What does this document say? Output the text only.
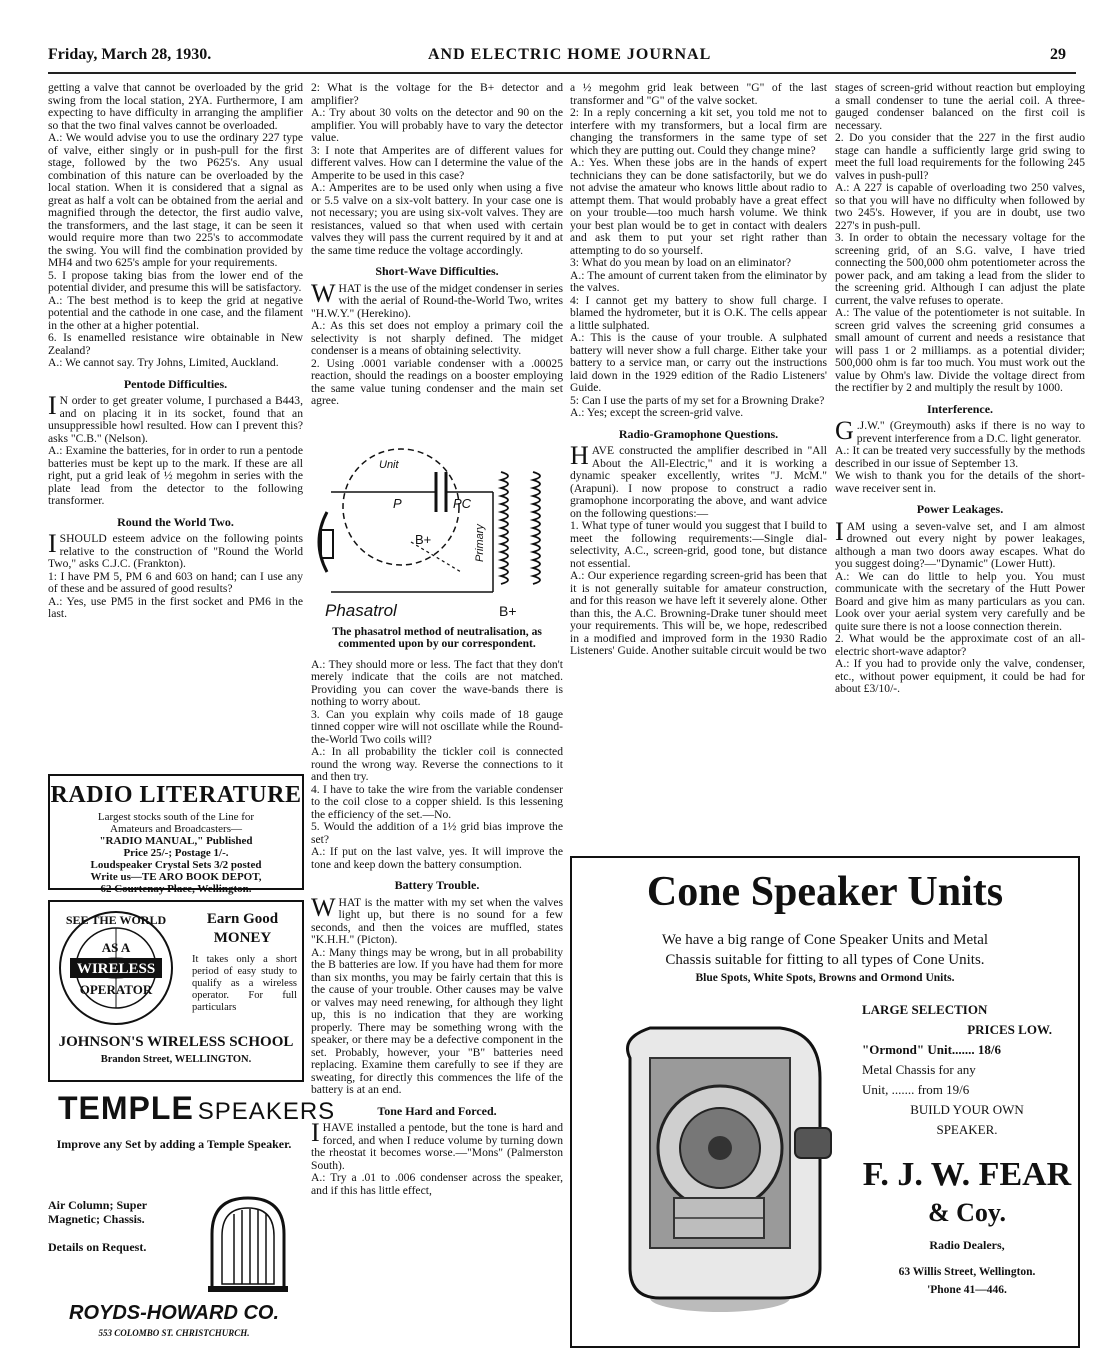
Friday, March 28, 1930.	AND ELECTRIC HOME JOURNAL	29

getting a valve that cannot be overloaded by the grid swing from the local station, 2YA. Furthermore, I am expecting to have difficulty in arranging the amplifier so that the two final valves cannot be overloaded.

A.: We would advise you to use the ordinary 227 type of valve, either singly or in push-pull for the first stage, followed by the two P625's. Any usual combination of this nature can be overloaded by the local station. When it is considered that a signal as great as half a volt can be obtained from the aerial and magnified through the detector, the first audio valve, the transformers, and the last stage, it can be seen it would require more than two 225's to accommodate the swing. You will find the combination provided by MH4 and two 625's ample for your requirements.

5. I propose taking bias from the lower end of the potential divider, and presume this will be satisfactory.

A.: The best method is to keep the grid at negative potential and the cathode in one case, and the filament in the other at a higher potential.

6. Is enamelled resistance wire obtainable in New Zealand?

A.: We cannot say. Try Johns, Limited, Auckland.

Pentode Difficulties.

I N order to get greater volume, I purchased a B443, and on placing it in its socket, found that an unsuppressible howl resulted. How can I prevent this? asks "C.B." (Nelson).

A.: Examine the batteries, for in order to run a pentode batteries must be kept up to the mark. If these are all right, put a grid leak of ½ megohm in series with the plate lead from the detector to the following transformer.

Round the World Two.

ISHOULD esteem advice on the following points relative to the construction of "Round the World Two," asks C.J.C. (Frankton).

1: I have PM 5, PM 6 and 603 on hand; can I use any of these and be assured of good results?

A.: Yes, use PM5 in the first socket and PM6 in the last.

RADIO LITERATURE
Largest stocks south of the Line for
Amateurs and Broadcasters—
"RADIO MANUAL," Published
Price 25/-; Postage 1/-.
Loudspeaker Crystal Sets 3/2 posted
Write us—TE ARO BOOK DEPOT,
62 Courtenay Place, Wellington.
SEE THE WORLD
AS A
WIRELESS
OPERATOR
Earn Good
MONEY
It takes only a short period of easy study to qualify as a wireless operator. For full particulars
JOHNSON'S WIRELESS SCHOOL
Brandon Street, WELLINGTON.
TEMPLE SPEAKERS
Improve any Set by adding a Temple Speaker.
Air Column; Super
Magnetic; Chassis.
Details on Request.
ROYDS-HOWARD CO.
553 COLOMBO ST. CHRISTCHURCH.

2: What is the voltage for the B+ detector and amplifier?

A.: Try about 30 volts on the detector and 90 on the amplifier. You will probably have to vary the detector value.

3: I note that Amperites are of different values for different valves. How can I determine the value of the Amperite to be used in this case?

A.: Amperites are to be used only when using a five or 5.5 valve on a six-volt battery. In your case one is not necessary; you are using six-volt valves. They are resistances, valued so that when used with certain valves they will pass the current required by it and at the same time reduce the voltage accordingly.

Short-Wave Difficulties.

WHAT is the use of the midget condenser in series with the aerial of Round-the-World Two, writes "H.W.Y." (Herekino).

A.: As this set does not employ a primary coil the selectivity is not sharply defined. The midget condenser is a means of obtaining selectivity.

2. Using .0001 variable condenser with a .00025 reaction, should the readings on a booster employing the same value tuning condenser and the main set agree.

Unit
P	PC
B+	Primary
Phasatrol	B+
The phasatrol method of neutralisation, as commented upon by our correspondent.

A.: They should more or less. The fact that they don't merely indicate that the coils are not matched. Providing you can cover the wave-bands there is nothing to worry about.

3. Can you explain why coils made of 18 gauge tinned copper wire will not oscillate while the Round-the-World Two coils will?

A.: In all probability the tickler coil is connected round the wrong way. Reverse the connections to it and then try.

4. I have to take the wire from the variable condenser to the coil close to a copper shield. Is this lessening the efficiency of the set.—No.

5. Would the addition of a 1½ grid bias improve the set?

A.: If put on the last valve, yes. It will improve the tone and keep down the battery consumption.

Battery Trouble.

WHAT is the matter with my set when the valves light up, but there is no sound for a few seconds, and then the voices are muffled, states "K.H.H." (Picton).

A.: Many things may be wrong, but in all probability the B batteries are low. If you have had them for more than six months, you may be fairly certain that this is the cause of your trouble. Other causes may be valve or valves may need renewing, for although they light up, this is no indication that they are working properly. There may be something wrong with the speaker, or there may be a defective component in the set. Probably, however, your "B" batteries need replacing. Examine them carefully to see if they are sweating, for directly this commences the life of the battery is at an end.

Tone Hard and Forced.

IHAVE installed a pentode, but the tone is hard and forced, and when I reduce volume by turning down the rheostat it becomes worse.—"Mons" (Palmerston South).

A.: Try a .01 to .006 condenser across the speaker, and if this has little effect,

a ½ megohm grid leak between "G" of the last transformer and "G" of the valve socket.

2: In a reply concerning a kit set, you told me not to interfere with my transformers, but a local firm are changing the transformers in the same type of set which they are putting out. Could they change mine?

A.: Yes. When these jobs are in the hands of expert technicians they can be done satisfactorily, but we do not advise the amateur who knows little about radio to attempt them. That would probably have a great effect on your trouble—too much harsh volume. We think your best plan would be to get in contact with dealers and ask them to put your set right rather than attempting to do so yourself.

3: What do you mean by load on an eliminator?

A.: The amount of current taken from the eliminator by the valves.

4: I cannot get my battery to show full charge. I blamed the hydrometer, but it is O.K. The cells appear a little sulphated.

A.: This is the cause of your trouble. A sulphated battery will never show a full charge. Either take your battery to a service man, or carry out the instructions laid down in the 1929 edition of the Radio Listeners' Guide.

5: Can I use the parts of my set for a Browning Drake?

A.: Yes; except the screen-grid valve.

Radio-Gramophone Questions.

HAVE constructed the amplifier described in "All About the All-Electric," and it is working a dynamic speaker excellently, writes "J. McM." (Arapuni). I now propose to construct a radio gramophone incorporating the above, and want advice on the following questions:—

1. What type of tuner would you suggest that I build to meet the following requirements:—Single dial-selectivity, A.C., screen-grid, good tone, but distance not essential.

A.: Our experience regarding screen-grid has been that it is not generally suitable for amateur construction, and for this reason we have left it severely alone. Other than this, the A.C. Browning-Drake tuner should meet your requirements. This will be, we hope, redescribed in a modified and improved form in the 1930 Radio Listeners' Guide. Another suitable circuit would be two

stages of screen-grid without reaction but employing a small condenser to tune the aerial coil. A three-gauged condenser balanced on the first coil is necessary.

2. Do you consider that the 227 in the first audio stage can handle a sufficiently large grid swing to meet the full load requirements for the following 245 valves in push-pull?

A.: A 227 is capable of overloading two 250 valves, so that you will have no difficulty when followed by two 245's. However, if you are in doubt, use two 227's in push-pull.

3. In order to obtain the necessary voltage for the screening grid, of an S.G. valve, I have tried connecting the 500,000 ohm potentiometer across the power pack, and am taking a lead from the slider to the screening grid. Although I can adjust the plate current, the valve refuses to operate.

A.: The value of the potentiometer is not suitable. In screen grid valves the screening grid consumes a small amount of current and needs a resistance that will pass 1 or 2 milliamps. as a potential divider; 500,000 ohm is far too much. You must work out the value by Ohm's law. Divide the voltage direct from the rectifier by 2 and multiply the result by 1000.

Interference.

G .J.W." (Greymouth) asks if there is no way to prevent interference from a D.C. light generator.

A.: It can be treated very successfully by the methods described in our issue of September 13.

We wish to thank you for the details of the short-wave receiver sent in.

Power Leakages.

IAM using a seven-valve set, and I am almost drowned out every night by power leakages, although a man two doors away escapes. What do you suggest doing?—"Dynamic" (Lower Hutt).

A.: We can do little to help you. You must communicate with the secretary of the Hutt Power Board and give him as many particulars as you can. Look over your aerial system very carefully and be quite sure there is not a loose connection therein.

2. What would be the approximate cost of an all-electric short-wave adaptor?

A.: If you had to provide only the valve, condenser, etc., without power equipment, it could be had for about £3/10/-.

Cone Speaker Units
We have a big range of Cone Speaker Units and Metal
Chassis suitable for fitting to all types of Cone Units.
Blue Spots, White Spots, Browns and Ormond Units.
LARGE SELECTION
PRICES LOW.
"Ormond" Unit....... 18/6
Metal Chassis for any
Unit, ....... from 19/6
BUILD YOUR OWN
SPEAKER.
F. J. W. FEAR
& Coy.
Radio Dealers,
63 Willis Street, Wellington.
'Phone 41—446.
